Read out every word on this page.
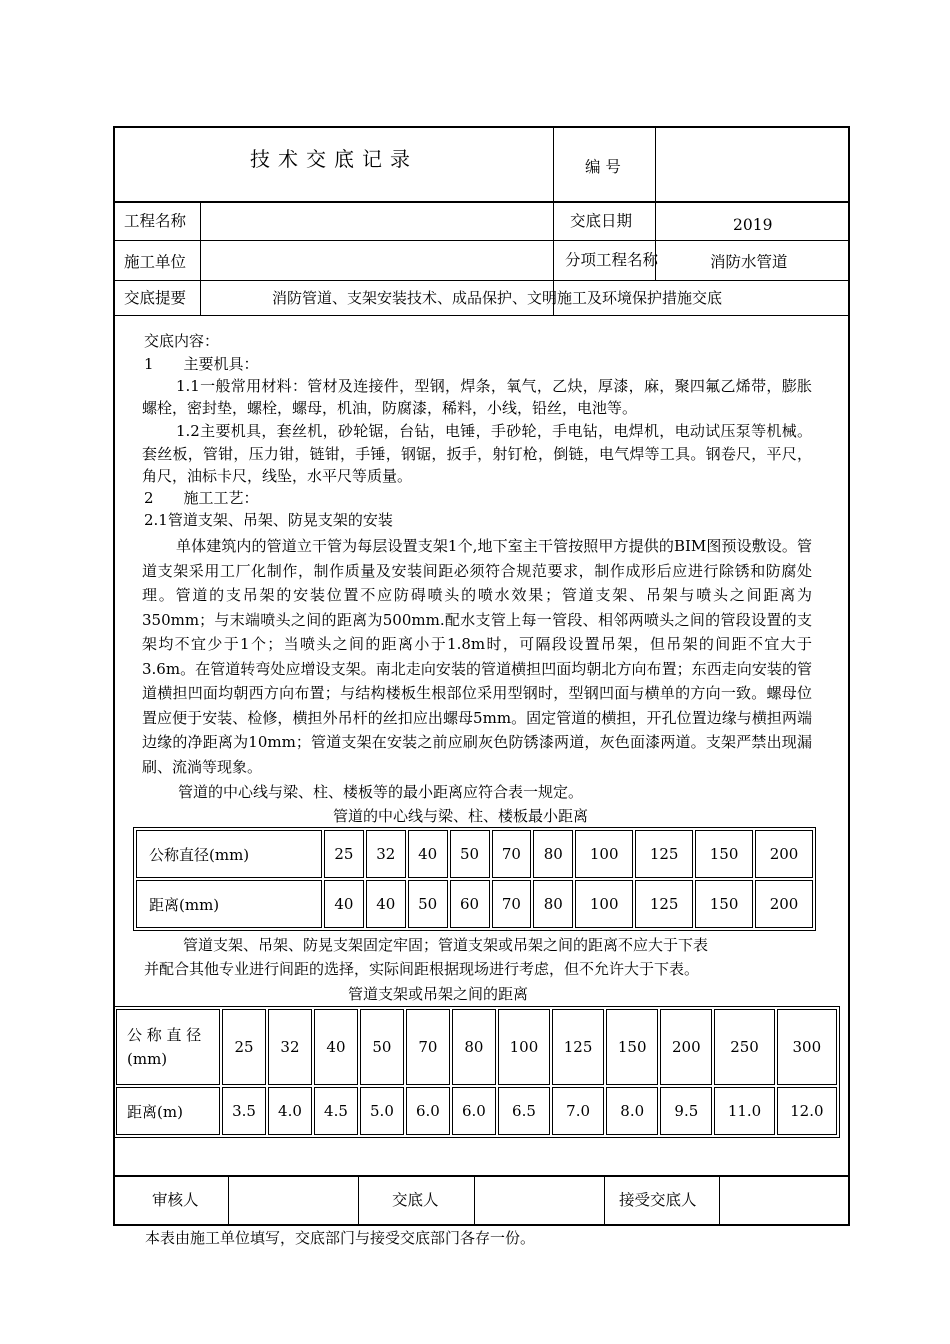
技术交底记录	编 号
工程名称	交底日期	2019
施工单位	分项工程名称	消防水管道
交底提要	消防管道、支架安装技术、成品保护、文明施工及环境保护措施交底
交底内容：
1　　主要机具：
1.1一般常用材料：管材及连接件，型钢，焊条，氧气，乙炔，厚漆，麻，聚四氟乙烯带，膨胀螺栓，密封垫，螺栓，螺母，机油，防腐漆，稀料，小线，铅丝，电池等。
1.2主要机具，套丝机，砂轮锯，台钻，电锤，手砂轮，手电钻，电焊机，电动试压泵等机械。套丝板，管钳，压力钳，链钳，手锤，钢锯，扳手，射钉枪，倒链，电气焊等工具。钢卷尺，平尺，角尺，油标卡尺，线坠，水平尺等质量。
2　　施工工艺：
2.1管道支架、吊架、防晃支架的安装
单体建筑内的管道立干管为每层设置支架1个,地下室主干管按照甲方提供的BIM图预设敷设。管道支架采用工厂化制作，制作质量及安装间距必须符合规范要求，制作成形后应进行除锈和防腐处理。管道的支吊架的安装位置不应防碍喷头的喷水效果；管道支架、吊架与喷头之间距离为350mm；与末端喷头之间的距离为500mm.配水支管上每一管段、相邻两喷头之间的管段设置的支架均不宜少于1个；当喷头之间的距离小于1.8m时，可隔段设置吊架，但吊架的间距不宜大于 3.6m。在管道转弯处应增设支架。南北走向安装的管道横担凹面均朝北方向布置；东西走向安装的管道横担凹面均朝西方向布置；与结构楼板生根部位采用型钢时，型钢凹面与横单的方向一致。螺母位置应便于安装、检修，横担外吊杆的丝扣应出螺母5mm。固定管道的横担，开孔位置边缘与横担两端边缘的净距离为10mm；管道支架在安装之前应刷灰色防锈漆两道，灰色面漆两道。支架严禁出现漏刷、流淌等现象。
管道的中心线与梁、柱、楼板等的最小距离应符合表一规定。
管道的中心线与梁、柱、楼板最小距离
公称直径(mm)	25	32	40	50	70	80	100	125	150	200
距离(mm)	40	40	50	60	70	80	100	125	150	200
管道支架、吊架、防晃支架固定牢固；管道支架或吊架之间的距离不应大于下表
并配合其他专业进行间距的选择，实际间距根据现场进行考虑，但不允许大于下表。
管道支架或吊架之间的距离
公 称 直 径
(mm)	25	32	40	50	70	80	100	125	150	200	250	300
距离(m)	3.5	4.0	4.5	5.0	6.0	6.0	6.5	7.0	8.0	9.5	11.0	12.0
审核人	交底人	接受交底人
本表由施工单位填写，交底部门与接受交底部门各存一份。
